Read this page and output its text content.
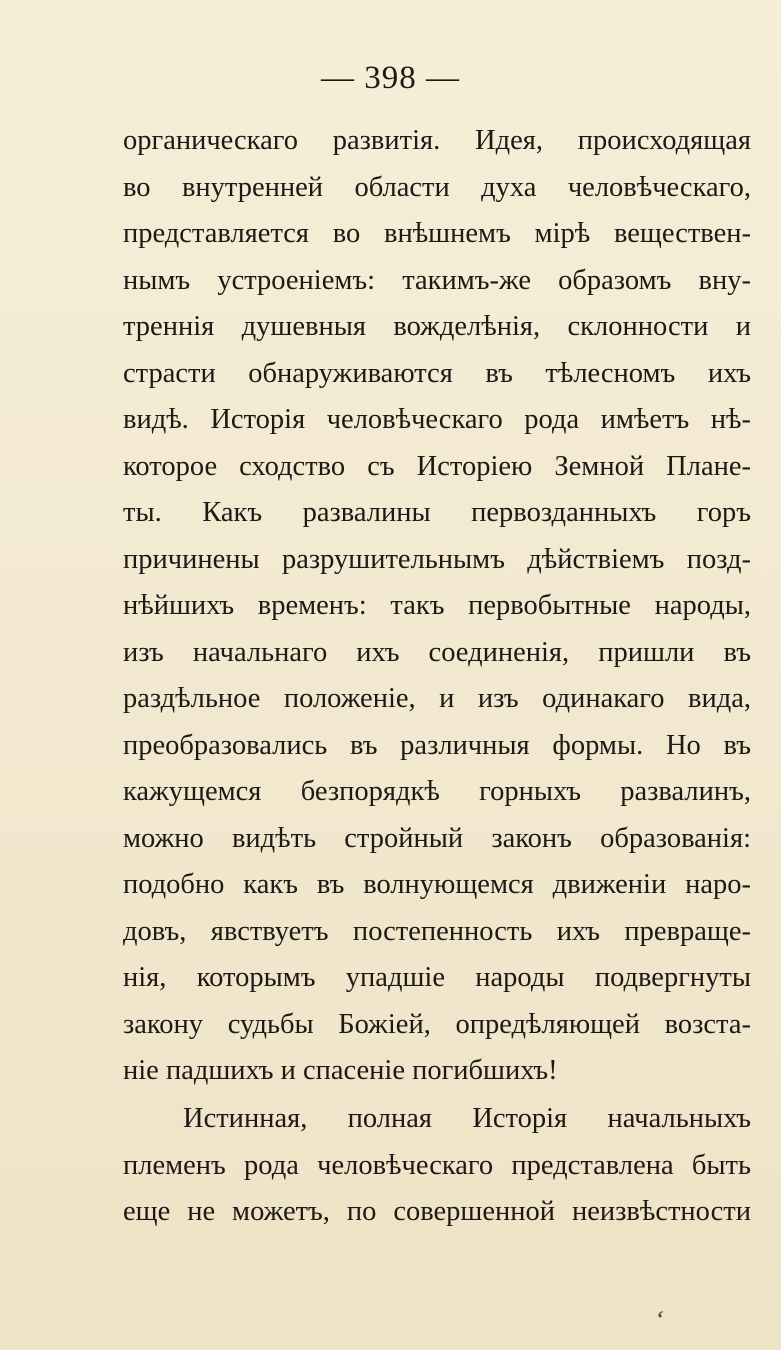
— 398 —
органическаго развитія. Идея, происходящая
во внутренней области духа человѣческаго,
представляется во внѣшнемъ мірѣ веществен-
нымъ устроеніемъ: такимъ-же образомъ вну-
треннія душевныя вожделѣнія, склонности и
страсти обнаруживаются въ тѣлесномъ ихъ
видѣ. Исторія человѣческаго рода имѣетъ нѣ-
которое сходство съ Исторіею Земной Плане-
ты. Какъ развалины первозданныхъ горъ
причинены разрушительнымъ дѣйствіемъ позд-
нѣйшихъ временъ: такъ первобытные народы,
изъ начальнаго ихъ соединенія, пришли въ
раздѣльное положеніе, и изъ одинакаго вида,
преобразовались въ различныя формы. Но въ
кажущемся безпорядкѣ горныхъ развалинъ,
можно видѣть стройный законъ образованія:
подобно какъ въ волнующемся движеніи наро-
довъ, явствуетъ постепенность ихъ превраще-
нія, которымъ упадшіе народы подвергнуты
закону судьбы Божіей, опредѣляющей возста-
ніе падшихъ и спасеніе погибшихъ!
Истинная, полная Исторія начальныхъ
племенъ рода человѣческаго представлена быть
еще не можетъ, по совершенной неизвѣстности
ʻ
